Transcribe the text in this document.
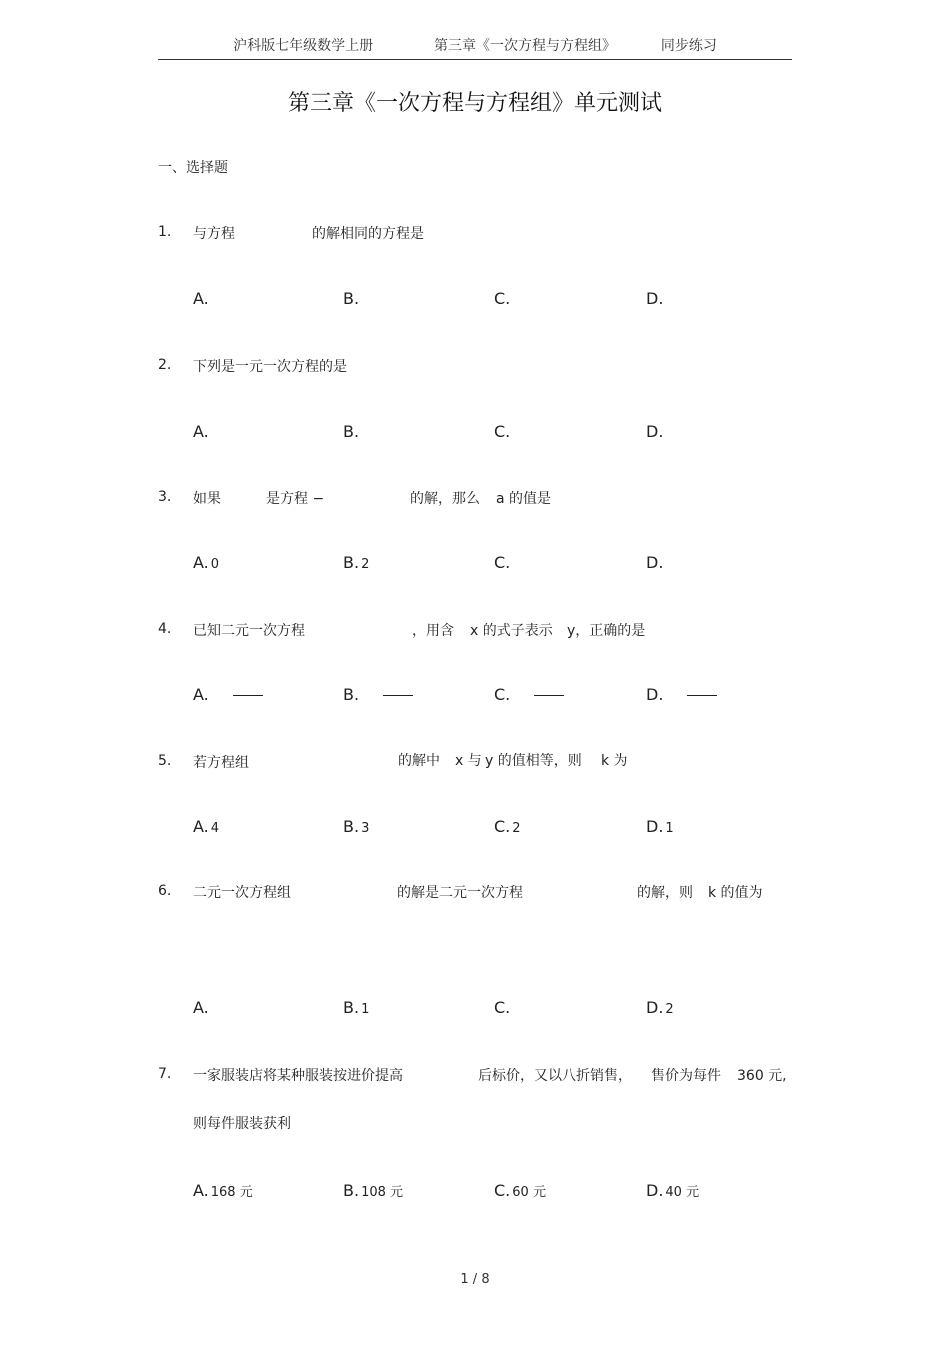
沪科版七年级数学上册	第三章《一次方程与方程组》	同步练习
第三章《一次方程与方程组》单元测试
一、选择题
1. 与方程	的解相同的方程是
A.	B.	C.	D.
2. 下列是一元一次方程的是
A.	B.	C.	D.
3. 如果	是方程 −	的解，那么 a 的值是
A. 0	B. 2	C.	D.
4. 已知二元一次方程	，用含 x 的式子表示 y，正确的是
A.	B.	C.	D.
5. 若方程组	的解中 x 与 y 的值相等，则 k 为
A. 4	B. 3	C. 2	D. 1
6. 二元一次方程组	的解是二元一次方程	的解，则 k 的值为
A.	B. 1	C.	D. 2
7. 一家服装店将某种服装按进价提高	后标价，又以八折销售， 售价为每件 360 元,
则每件服装获利
A. 168 元	B. 108 元	C. 60 元	D. 40 元
1 / 8
